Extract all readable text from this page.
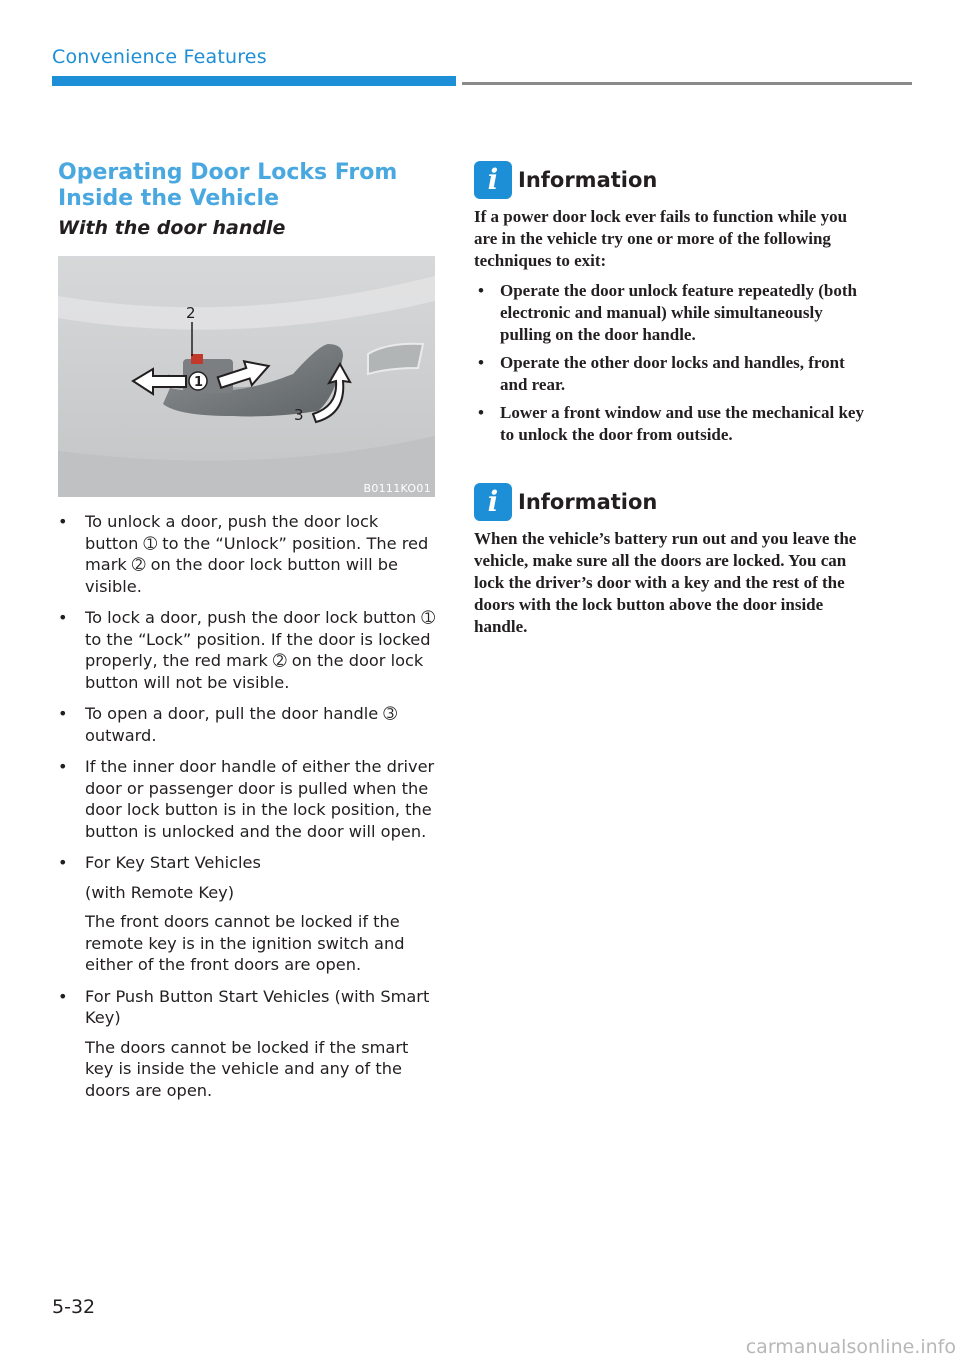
Convenience Features
Operating Door Locks From
Inside the Vehicle
With the door handle
2
1
3
B0111KO01

• To unlock a door, push the door lock button ➀ to the “Unlock” position. The red mark ➁ on the door lock button will be visible.

• To lock a door, push the door lock button ➀ to the “Lock” position. If the door is locked properly, the red mark ➁ on the door lock button will not be visible.

• To open a door, pull the door handle ➂ outward.

• If the inner door handle of either the driver door or passenger door is pulled when the door lock button is in the lock position, the button is unlocked and the door will open.

• For Key Start Vehicles

(with Remote Key)

The front doors cannot be locked if the remote key is in the ignition switch and either of the front doors are open.

• For Push Button Start Vehicles (with Smart Key)

The doors cannot be locked if the smart key is inside the vehicle and any of the doors are open.

i Information

If a power door lock ever fails to function while you are in the vehicle try one or more of the following techniques to exit:

• Operate the door unlock feature repeatedly (both electronic and manual) while simultaneously pulling on the door handle.
• Operate the other door locks and handles, front and rear.
• Lower a front window and use the mechanical key to unlock the door from outside.
i Information

When the vehicle’s battery run out and you leave the vehicle, make sure all the doors are locked. You can lock the driver’s door with a key and the rest of the doors with the lock button above the door inside handle.

5-32
carmanualsonline.info
